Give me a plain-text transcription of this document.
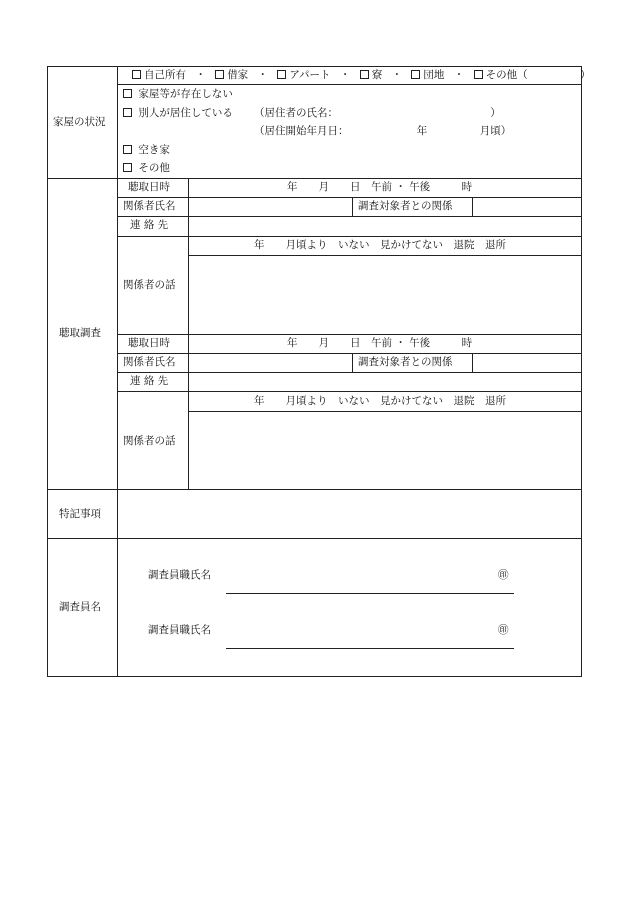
家屋の状況
自己所有 ・ 借家 ・ アパート ・ 寮 ・ 団地 ・ その他（　　　　　）
家屋等が存在しない
別人が居住している （居住者の氏名：　　　　　　　　　　　　　　　）
（居住開始年月日：　　　　　　　年　　　　　月頃）
空き家
その他
聴取調査
聴取日時	年　　月　　日　午前 ・ 午後　　　時
関係者氏名	調査対象者との関係
連 絡 先
関係者の話
年　　月頃より　いない　見かけてない　退院　退所
聴取日時	年　　月　　日　午前 ・ 午後　　　時
関係者氏名	調査対象者との関係
連 絡 先
関係者の話
年　　月頃より　いない　見かけてない　退院　退所
特記事項
調査員名
調査員職氏名	㊞
調査員職氏名	㊞
